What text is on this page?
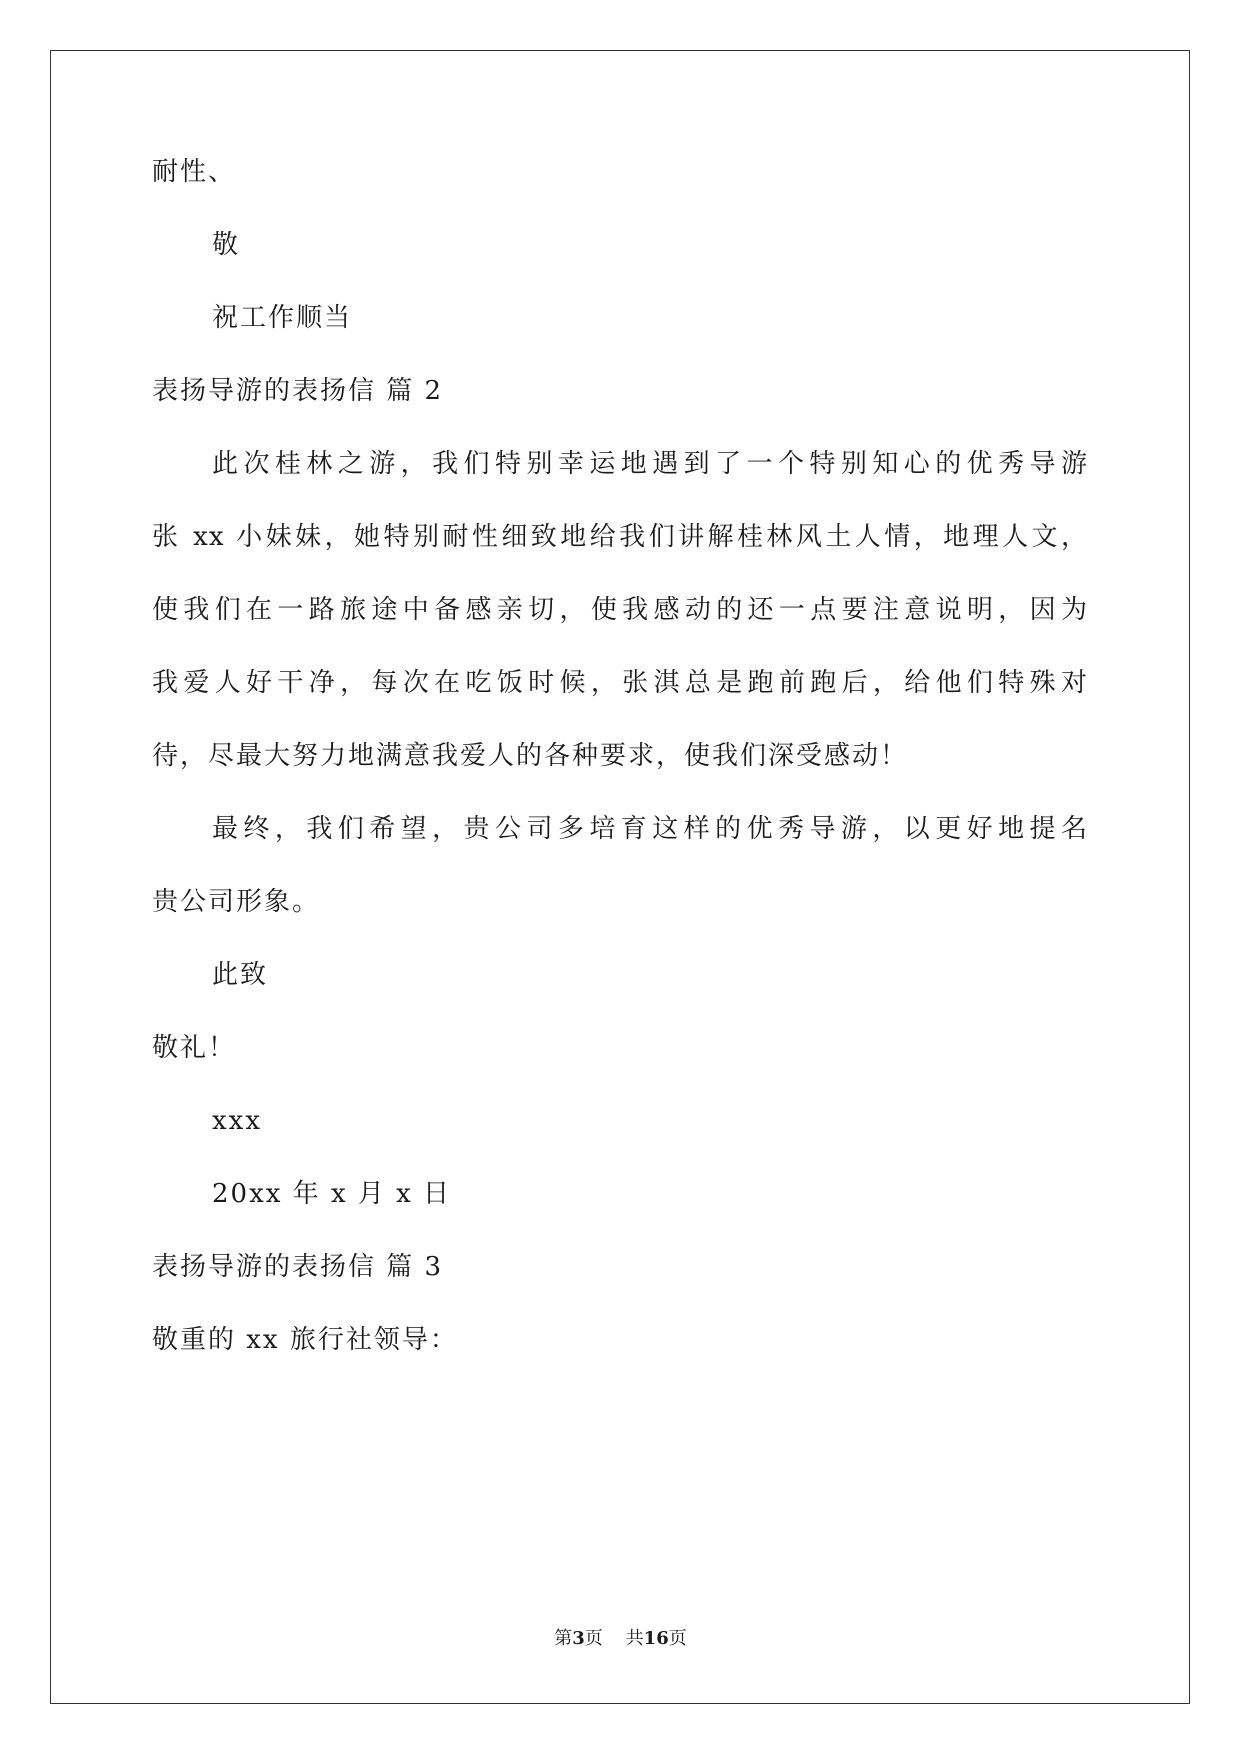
耐性、
敬
祝工作顺当
表扬导游的表扬信 篇 2
此次桂林之游，我们特别幸运地遇到了一个特别知心的优秀导游
张 xx 小妹妹，她特别耐性细致地给我们讲解桂林风土人情，地理人文，
使我们在一路旅途中备感亲切，使我感动的还一点要注意说明，因为
我爱人好干净，每次在吃饭时候，张淇总是跑前跑后，给他们特殊对
待，尽最大努力地满意我爱人的各种要求，使我们深受感动！
最终，我们希望，贵公司多培育这样的优秀导游，以更好地提名
贵公司形象。
此致
敬礼！
xxx
20xx 年 x 月 x 日
表扬导游的表扬信 篇 3
敬重的 xx 旅行社领导：
第3页    共16页
